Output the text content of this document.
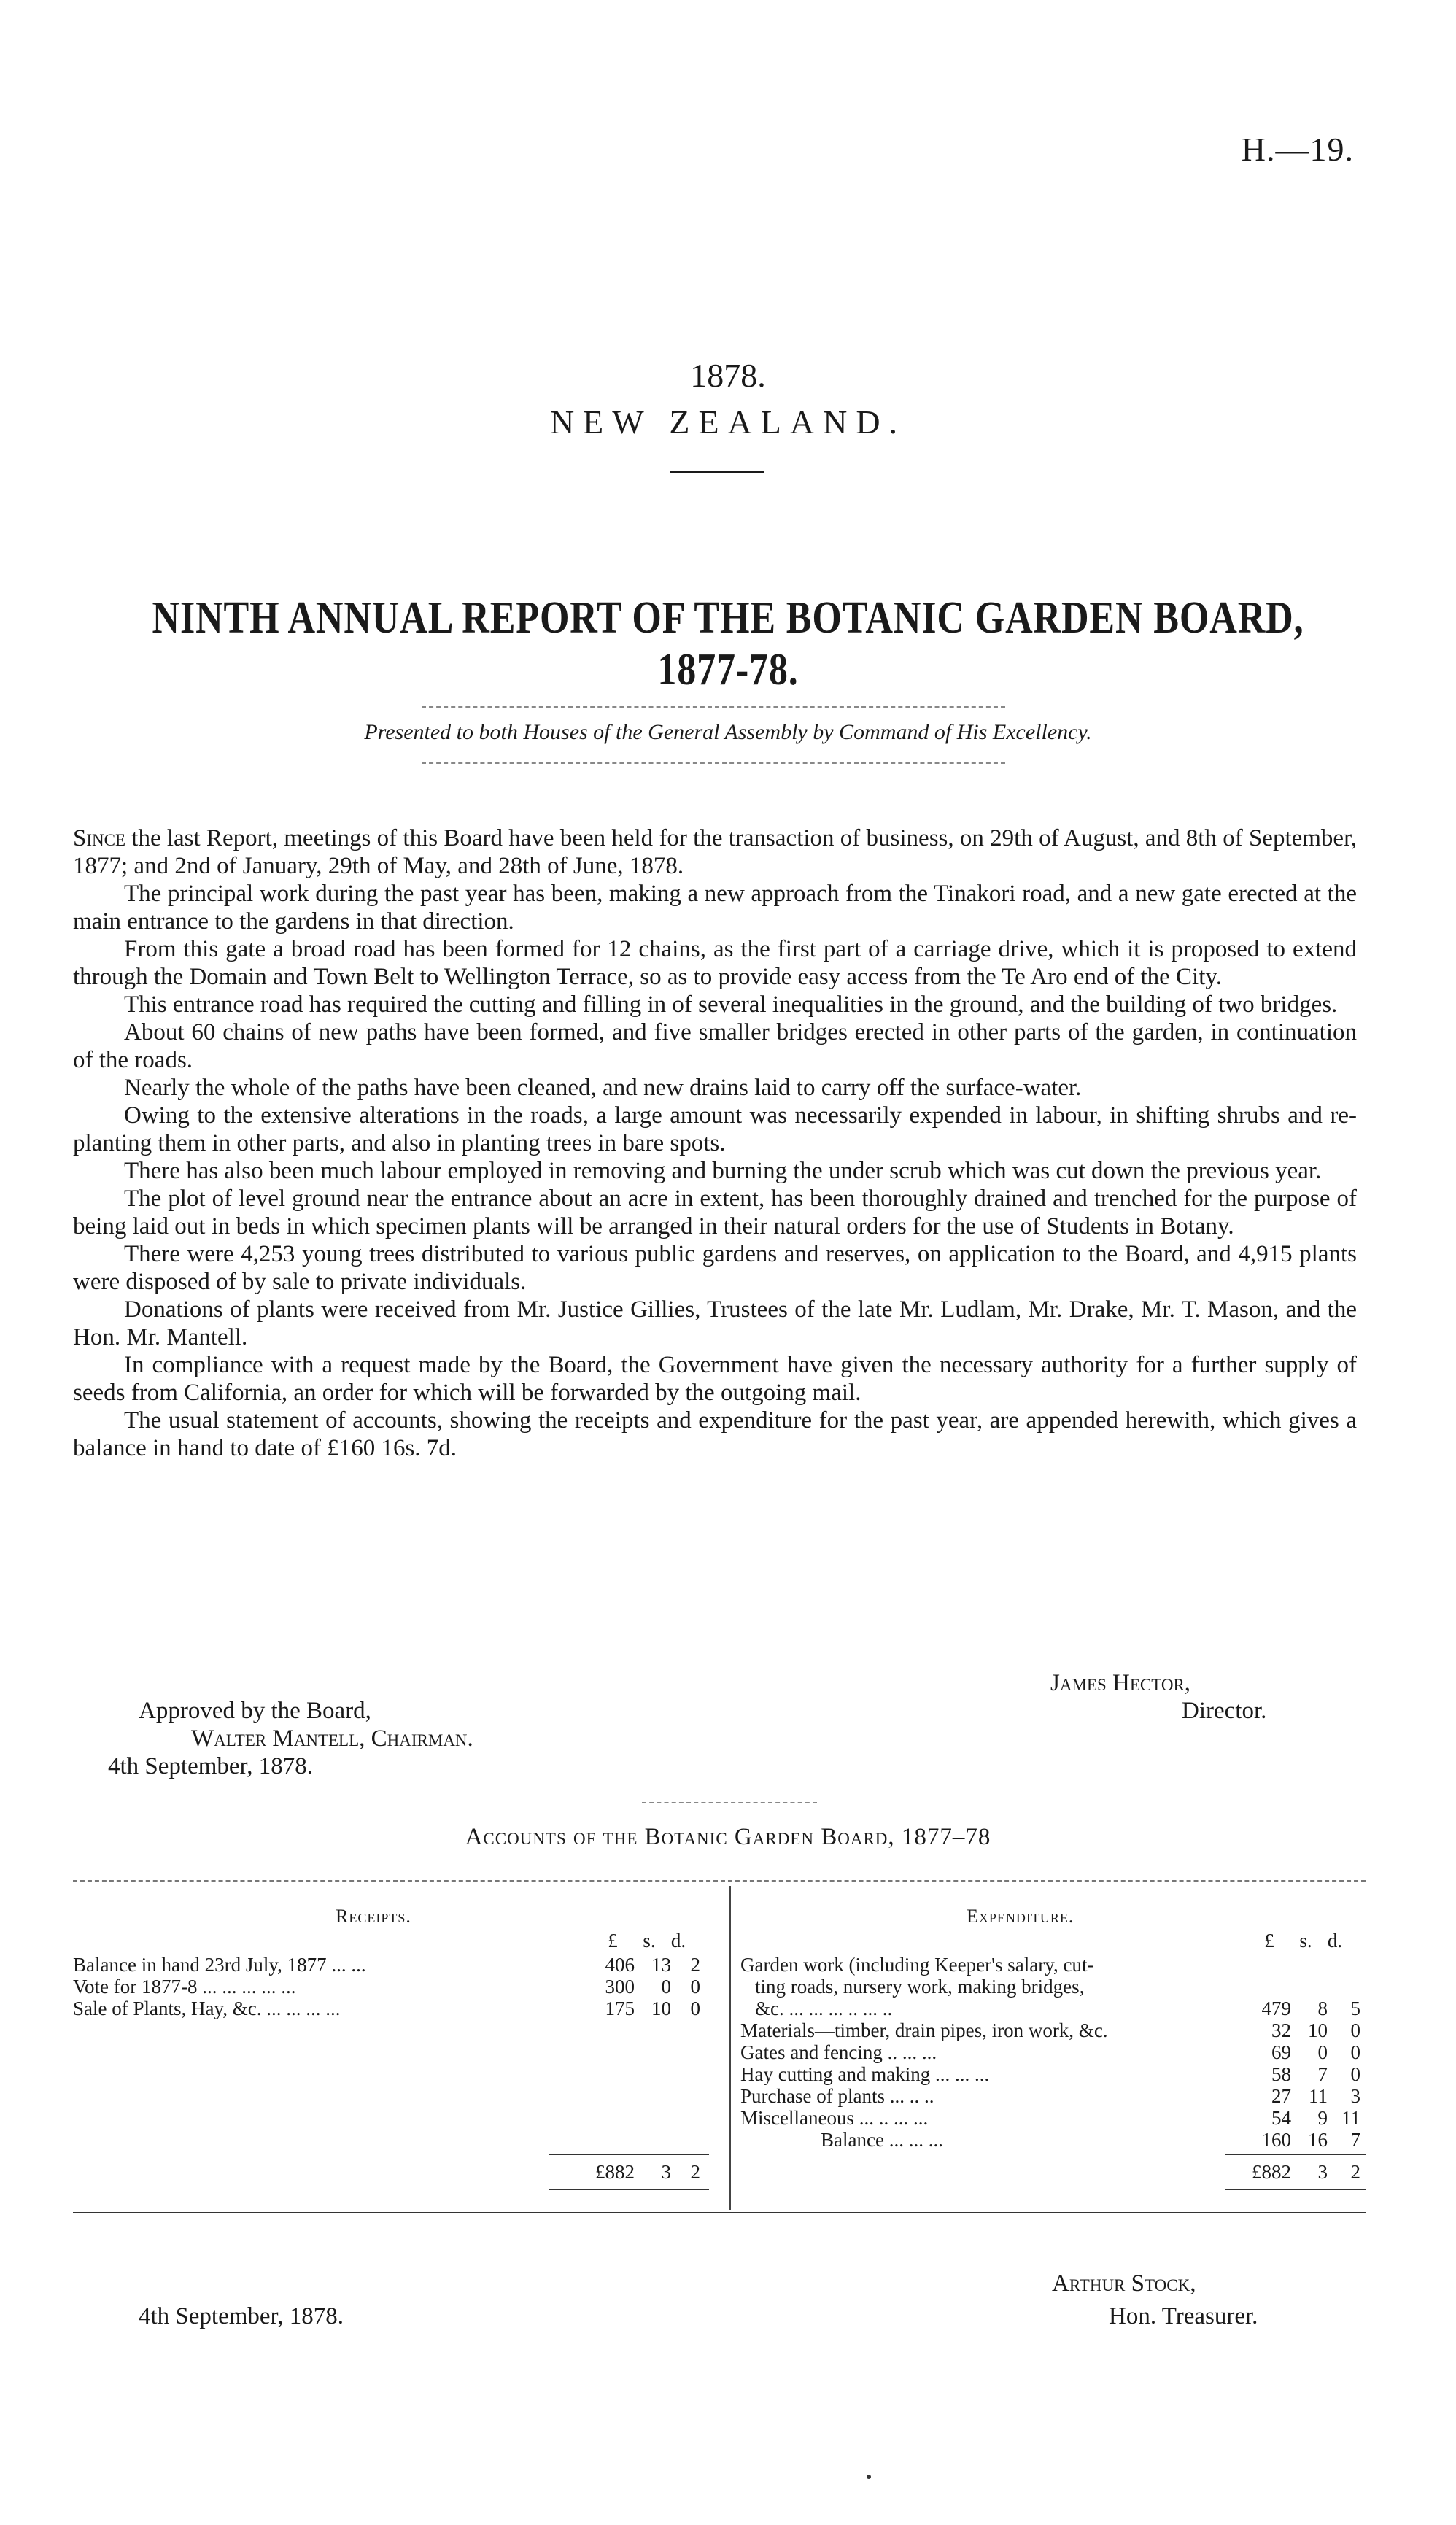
H.—19.
1878.
NEW ZEALAND.
NINTH ANNUAL REPORT OF THE BOTANIC GARDEN BOARD, 1877-78.
Presented to both Houses of the General Assembly by Command of His Excellency.

Since the last Report, meetings of this Board have been held for the transaction of business, on 29th of August, and 8th of September, 1877; and 2nd of January, 29th of May, and 28th of June, 1878.

The principal work during the past year has been, making a new approach from the Tinakori road, and a new gate erected at the main entrance to the gardens in that direction.

From this gate a broad road has been formed for 12 chains, as the first part of a carriage drive, which it is proposed to extend through the Domain and Town Belt to Wellington Terrace, so as to provide easy access from the Te Aro end of the City.

This entrance road has required the cutting and filling in of several inequalities in the ground, and the building of two bridges.

About 60 chains of new paths have been formed, and five smaller bridges erected in other parts of the garden, in continuation of the roads.

Nearly the whole of the paths have been cleaned, and new drains laid to carry off the surface-water.

Owing to the extensive alterations in the roads, a large amount was necessarily expended in labour, in shifting shrubs and re-planting them in other parts, and also in planting trees in bare spots.

There has also been much labour employed in removing and burning the under scrub which was cut down the previous year.

The plot of level ground near the entrance about an acre in extent, has been thoroughly drained and trenched for the purpose of being laid out in beds in which specimen plants will be arranged in their natural orders for the use of Students in Botany.

There were 4,253 young trees distributed to various public gardens and reserves, on application to the Board, and 4,915 plants were disposed of by sale to private individuals.

Donations of plants were received from Mr. Justice Gillies, Trustees of the late Mr. Ludlam, Mr. Drake, Mr. T. Mason, and the Hon. Mr. Mantell.

In compliance with a request made by the Board, the Government have given the necessary authority for a further supply of seeds from California, an order for which will be forwarded by the outgoing mail.

The usual statement of accounts, showing the receipts and expenditure for the past year, are appended herewith, which gives a balance in hand to date of £160 16s. 7d.

James Hector,
Director.
Approved by the Board,
Walter Mantell, Chairman.
4th September, 1878.
Accounts of the Botanic Garden Board, 1877–78
Receipts.
£ s. d.
Balance in hand 23rd July, 1877 ... ...	406 13 2
Vote for 1877-8 ... ... ... ... ...	300	0 0
Sale of Plants, Hay, &c. ... ... ... ...	175 10 0
£882	3 2
Expenditure.
£ s. d.
Garden work (including Keeper's salary, cut-
ting roads, nursery work, making bridges,
&c. ... ... ... .. ... ..	479	8	5
Materials—timber, drain pipes, iron work, &c.	32 10	0
Gates and fencing .. ... ...	69	0	0
Hay cutting and making ... ... ...	58	7	0
Purchase of plants ... .. ..	27 11	3
Miscellaneous ... .. ... ...	54	9 11
Balance ... ... ...	160 16	7
£882	3	2
4th September, 1878.
Arthur Stock,
Hon. Treasurer.
